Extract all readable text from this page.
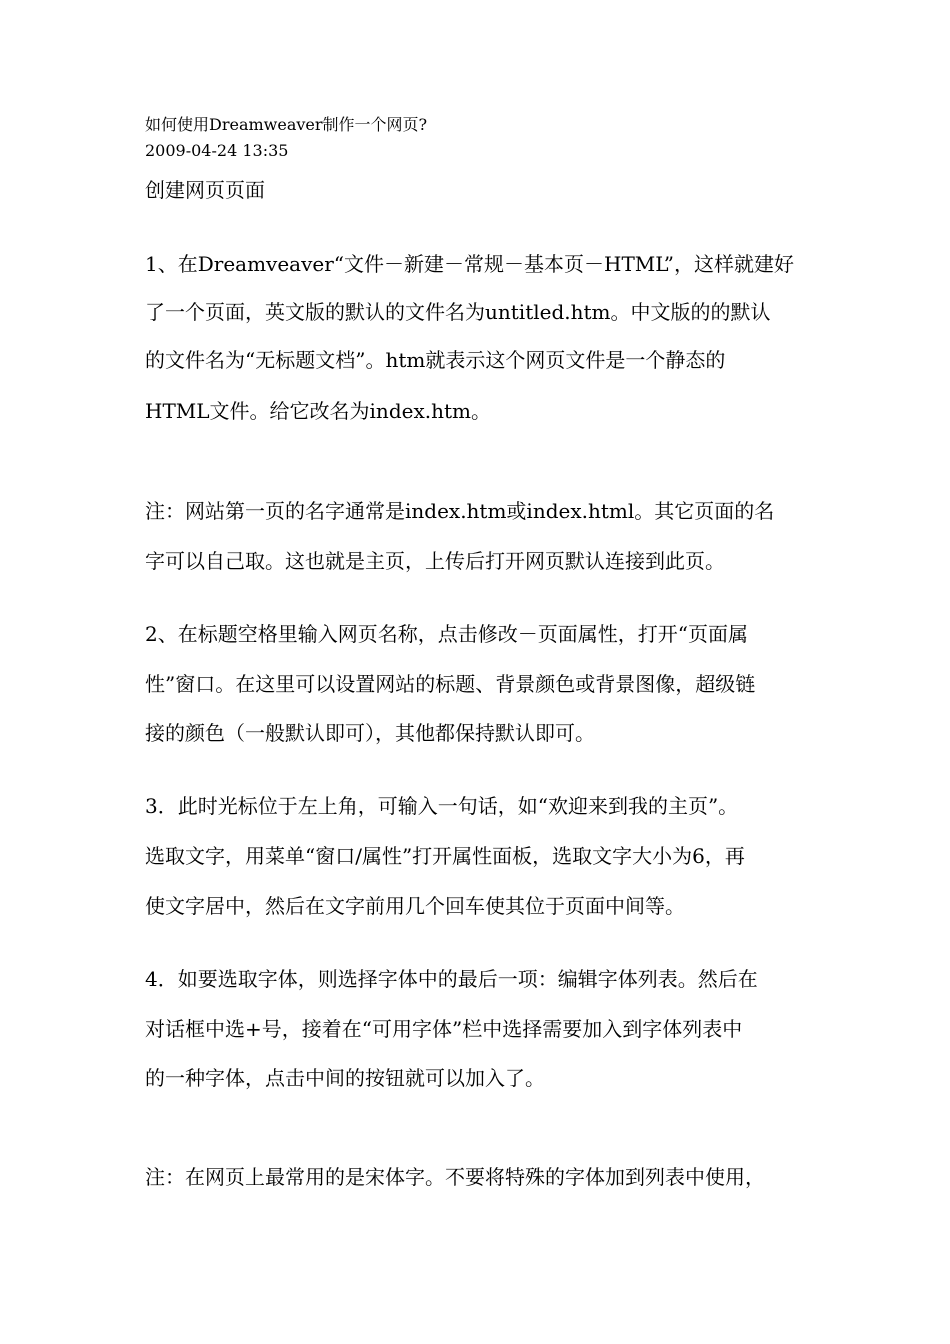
如何使用Dreamweaver制作一个网页?
2009-04-24 13:35
创建网页页面
1、在Dreamveaver“文件－新建－常规－基本页－HTML”，这样就建好
了一个页面，英文版的默认的文件名为untitled.htm。中文版的的默认
的文件名为“无标题文档”。htm就表示这个网页文件是一个静态的
HTML文件。给它改名为index.htm。
注：网站第一页的名字通常是index.htm或index.html。其它页面的名
字可以自己取。这也就是主页，上传后打开网页默认连接到此页。
2、在标题空格里输入网页名称，点击修改－页面属性，打开“页面属
性”窗口。在这里可以设置网站的标题、背景颜色或背景图像，超级链
接的颜色（一般默认即可），其他都保持默认即可。
3．此时光标位于左上角，可输入一句话，如“欢迎来到我的主页”。
选取文字，用菜单“窗口/属性”打开属性面板，选取文字大小为6，再
使文字居中，然后在文字前用几个回车使其位于页面中间等。
4．如要选取字体，则选择字体中的最后一项：编辑字体列表。然后在
对话框中选+号，接着在“可用字体”栏中选择需要加入到字体列表中
的一种字体，点击中间的按钮就可以加入了。
注：在网页上最常用的是宋体字。不要将特殊的字体加到列表中使用，
